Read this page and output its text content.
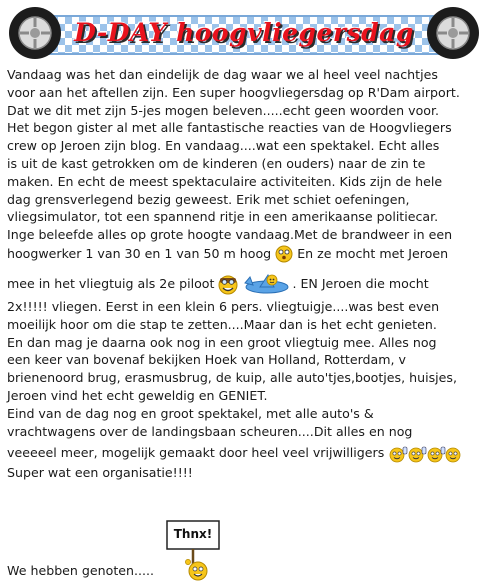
D-DAY hoogvliegersdag

Vandaag was het dan eindelijk de dag waar we al heel veel nachtjes

voor aan het aftellen zijn. Een super hoogvliegersdag op R'Dam airport.

Dat we dit met zijn 5-jes mogen beleven.....echt geen woorden voor.

Het begon gister al met alle fantastische reacties van de Hoogvliegers

crew op Jeroen zijn blog. En vandaag....wat een spektakel. Echt alles

is uit de kast getrokken om de kinderen (en ouders) naar de zin te

maken. En echt de meest spektaculaire activiteiten. Kids zijn de hele

dag grensverlegend bezig geweest. Erik met schiet oefeningen,

vliegsimulator, tot een spannend ritje in een amerikaanse politiecar.

Inge beleefde alles op grote hoogte vandaag.Met de brandweer in een

hoogwerker 1 van 30 en 1 van 50 m hoog  En ze mocht met Jeroen

mee in het vliegtuig als 2e piloot	. EN Jeroen die mocht

2x!!!!! vliegen. Eerst in een klein 6 pers. vliegtuigje....was best even

moeilijk hoor om die stap te zetten....Maar dan is het echt genieten.

En dan mag je daarna ook nog in een groot vliegtuig mee. Alles nog

een keer van bovenaf bekijken Hoek van Holland, Rotterdam, v

brienenoord brug, erasmusbrug, de kuip, alle auto'tjes,bootjes, huisjes,

Jeroen vind het echt geweldig en GENIET.

Eind van de dag nog en groot spektakel, met alle auto's &

vrachtwagens over de landingsbaan scheuren....Dit alles en nog

veeeeel meer, mogelijk gemaakt door heel veel vrijwilligers

Super wat een organisatie!!!!

We hebben genoten.....

Thnx!
